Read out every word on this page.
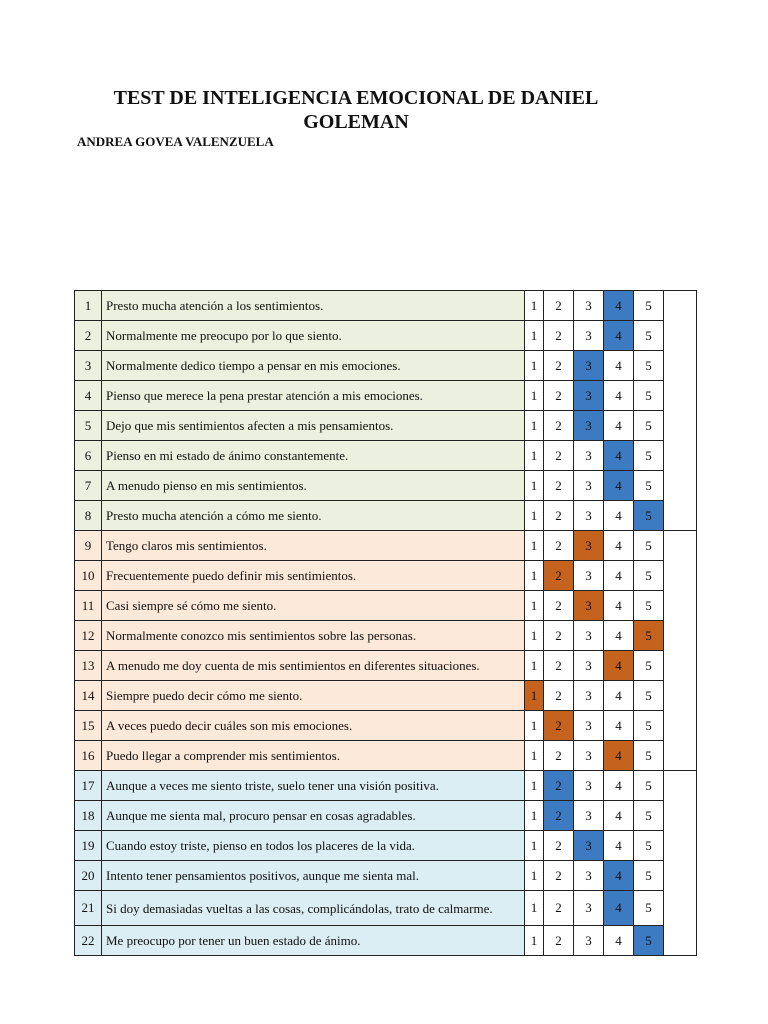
TEST DE INTELIGENCIA EMOCIONAL DE DANIEL
GOLEMAN
ANDREA GOVEA VALENZUELA
1	Presto mucha atención a los sentimientos.	1	2	3	4	5	
2	Normalmente me preocupo por lo que siento.	1	2	3	4	5	
3	Normalmente dedico tiempo a pensar en mis emociones.	1	2	3	4	5	
4	Pienso que merece la pena prestar atención a mis emociones.	1	2	3	4	5	
5	Dejo que mis sentimientos afecten a mis pensamientos.	1	2	3	4	5	
6	Pienso en mi estado de ánimo constantemente.	1	2	3	4	5	
7	A menudo pienso en mis sentimientos.	1	2	3	4	5	
8	Presto mucha atención a cómo me siento.	1	2	3	4	5	
9	Tengo claros mis sentimientos.	1	2	3	4	5	
10	Frecuentemente puedo definir mis sentimientos.	1	2	3	4	5	
11	Casi siempre sé cómo me siento.	1	2	3	4	5	
12	Normalmente conozco mis sentimientos sobre las personas.	1	2	3	4	5	
13	A menudo me doy cuenta de mis sentimientos en diferentes situaciones.	1	2	3	4	5	
14	Siempre puedo decir cómo me siento.	1	2	3	4	5	
15	A veces puedo decir cuáles son mis emociones.	1	2	3	4	5	
16	Puedo llegar a comprender mis sentimientos.	1	2	3	4	5	
17	Aunque a veces me siento triste, suelo tener una visión positiva.	1	2	3	4	5	
18	Aunque me sienta mal, procuro pensar en cosas agradables.	1	2	3	4	5	
19	Cuando estoy triste, pienso en todos los placeres de la vida.	1	2	3	4	5	
20	Intento tener pensamientos positivos, aunque me sienta mal.	1	2	3	4	5	
21	Si doy demasiadas vueltas a las cosas, complicándolas, trato de calmarme.	1	2	3	4	5	
22	Me preocupo por tener un buen estado de ánimo.	1	2	3	4	5	
